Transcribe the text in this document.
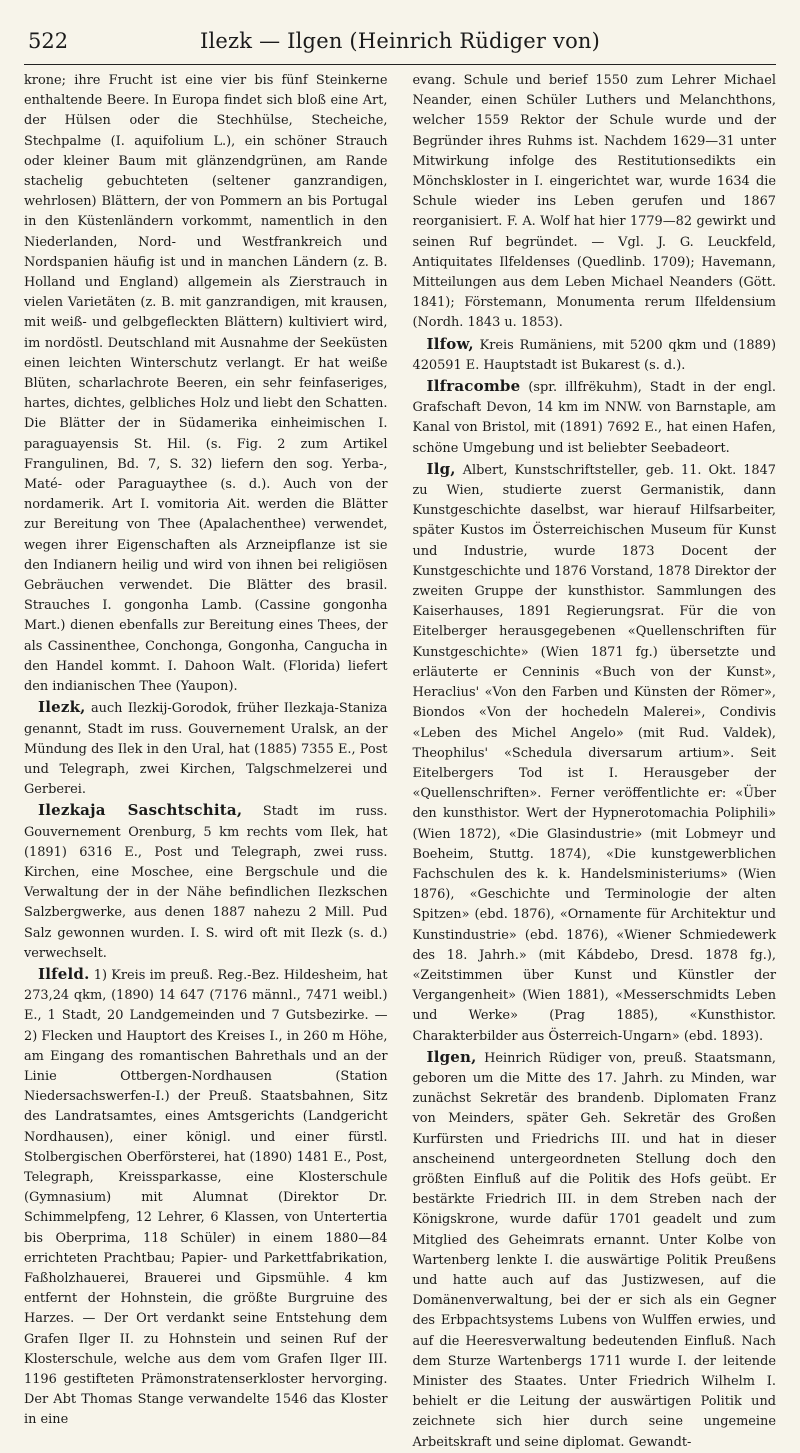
522	Ilezk — Ilgen (Heinrich Rüdiger von)

krone; ihre Frucht ist eine vier bis fünf Steinkerne enthaltende Beere. In Europa findet sich bloß eine Art, der Hülsen oder die Stechhülse, Stecheiche, Stechpalme (I. aquifolium L.), ein schöner Strauch oder kleiner Baum mit glänzendgrünen, am Rande stachelig gebuchteten (seltener ganzrandigen, wehrlosen) Blättern, der von Pommern an bis Portugal in den Küstenländern vorkommt, namentlich in den Niederlanden, Nord- und Westfrankreich und Nordspanien häufig ist und in manchen Ländern (z. B. Holland und England) allgemein als Zierstrauch in vielen Varietäten (z. B. mit ganzrandigen, mit krausen, mit weiß- und gelbgefleckten Blättern) kultiviert wird, im nordöstl. Deutschland mit Ausnahme der Seeküsten einen leichten Winterschutz verlangt. Er hat weiße Blüten, scharlachrote Beeren, ein sehr feinfaseriges, hartes, dichtes, gelbliches Holz und liebt den Schatten. Die Blätter der in Südamerika einheimischen I. paraguayensis St. Hil. (s. Fig. 2 zum Artikel Frangulinen, Bd. 7, S. 32) liefern den sog. Yerba-, Maté- oder Paraguaythee (s. d.). Auch von der nordamerik. Art I. vomitoria Ait. werden die Blätter zur Bereitung von Thee (Apalachenthee) verwendet, wegen ihrer Eigenschaften als Arzneipflanze ist sie den Indianern heilig und wird von ihnen bei religiösen Gebräuchen verwendet. Die Blätter des brasil. Strauches I. gongonha Lamb. (Cassine gongonha Mart.) dienen ebenfalls zur Bereitung eines Thees, der als Cassinenthee, Conchonga, Gongonha, Canguchа in den Handel kommt. I. Dahoon Walt. (Florida) liefert den indianischen Thee (Yaupon).

Ilezk, auch Ilezkij-Gorodok, früher Ilezkaja-Staniza genannt, Stadt im russ. Gouvernement Uralsk, an der Mündung des Ilek in den Ural, hat (1885) 7355 E., Post und Telegraph, zwei Kirchen, Talgschmelzerei und Gerberei.

Ilezkaja Saschtschita, Stadt im russ. Gouvernement Orenburg, 5 km rechts vom Ilek, hat (1891) 6316 E., Post und Telegraph, zwei russ. Kirchen, eine Moschee, eine Bergschule und die Verwaltung der in der Nähe befindlichen Ilezkschen Salzbergwerke, aus denen 1887 nahezu 2 Mill. Pud Salz gewonnen wurden. I. S. wird oft mit Ilezk (s. d.) verwechselt.

Ilfeld. 1) Kreis im preuß. Reg.-Bez. Hildesheim, hat 273,24 qkm, (1890) 14 647 (7176 männl., 7471 weibl.) E., 1 Stadt, 20 Landgemeinden und 7 Gutsbezirke. — 2) Flecken und Hauptort des Kreises I., in 260 m Höhe, am Eingang des romantischen Bahrethals und an der Linie Ottbergen-Nordhausen (Station Niedersachswerfen-I.) der Preuß. Staatsbahnen, Sitz des Landratsamtes, eines Amtsgerichts (Landgericht Nordhausen), einer königl. und einer fürstl. Stolbergischen Oberförsterei, hat (1890) 1481 E., Post, Telegraph, Kreissparkasse, eine Klosterschule (Gymnasium) mit Alumnat (Direktor Dr. Schimmelpfeng, 12 Lehrer, 6 Klassen, von Untertertia bis Oberprima, 118 Schüler) in einem 1880—84 errichteten Prachtbau; Papier- und Parkettfabrikation, Faßholzhauerei, Brauerei und Gipsmühle. 4 km entfernt der Hohnstein, die größte Burgruine des Harzes. — Der Ort verdankt seine Entstehung dem Grafen Ilger II. zu Hohnstein und seinen Ruf der Klosterschule, welche aus dem vom Grafen Ilger III. 1196 gestifteten Prämonstratenserkloster hervorging. Der Abt Thomas Stange verwandelte 1546 das Kloster in eine

evang. Schule und berief 1550 zum Lehrer Michael Neander, einen Schüler Luthers und Melanchthons, welcher 1559 Rektor der Schule wurde und der Begründer ihres Ruhms ist. Nachdem 1629—31 unter Mitwirkung infolge des Restitutionsedikts ein Mönchskloster in I. eingerichtet war, wurde 1634 die Schule wieder ins Leben gerufen und 1867 reorganisiert. F. A. Wolf hat hier 1779—82 gewirkt und seinen Ruf begründet. — Vgl. J. G. Leuckfeld, Antiquitates Ilfeldenses (Quedlinb. 1709); Havemann, Mitteilungen aus dem Leben Michael Neanders (Gött. 1841); Förstemann, Monumenta rerum Ilfeldensium (Nordh. 1843 u. 1853).

Ilfow, Kreis Rumäniens, mit 5200 qkm und (1889) 420591 E. Hauptstadt ist Bukarest (s. d.).

Ilfracombe (spr. illfrëkuhm), Stadt in der engl. Grafschaft Devon, 14 km im NNW. von Barnstaple, am Kanal von Bristol, mit (1891) 7692 E., hat einen Hafen, schöne Umgebung und ist beliebter Seebadeort.

Ilg, Albert, Kunstschriftsteller, geb. 11. Okt. 1847 zu Wien, studierte zuerst Germanistik, dann Kunstgeschichte daselbst, war hierauf Hilfsarbeiter, später Kustos im Österreichischen Museum für Kunst und Industrie, wurde 1873 Docent der Kunstgeschichte und 1876 Vorstand, 1878 Direktor der zweiten Gruppe der kunsthistor. Sammlungen des Kaiserhauses, 1891 Regierungsrat. Für die von Eitelberger herausgegebenen «Quellenschriften für Kunstgeschichte» (Wien 1871 fg.) übersetzte und erläuterte er Cenninis «Buch von der Kunst», Heraclius' «Von den Farben und Künsten der Römer», Biondos «Von der hochedeln Malerei», Condivis «Leben des Michel Angelo» (mit Rud. Valdek), Theophilus' «Schedula diversarum artium». Seit Eitelbergers Tod ist I. Herausgeber der «Quellenschriften». Ferner veröffentlichte er: «Über den kunsthistor. Wert der Hypnerotomachia Poliphili» (Wien 1872), «Die Glasindustrie» (mit Lobmeyr und Boeheim, Stuttg. 1874), «Die kunstgewerblichen Fachschulen des k. k. Handelsministeriums» (Wien 1876), «Geschichte und Terminologie der alten Spitzen» (ebd. 1876), «Ornamente für Architektur und Kunstindustrie» (ebd. 1876), «Wiener Schmiedewerk des 18. Jahrh.» (mit Kábdebo, Dresd. 1878 fg.), «Zeitstimmen über Kunst und Künstler der Vergangenheit» (Wien 1881), «Messerschmidts Leben und Werke» (Prag 1885), «Kunsthistor. Charakterbilder aus Österreich-Ungarn» (ebd. 1893).

Ilgen, Heinrich Rüdiger von, preuß. Staatsmann, geboren um die Mitte des 17. Jahrh. zu Minden, war zunächst Sekretär des brandenb. Diplomaten Franz von Meinders, später Geh. Sekretär des Großen Kurfürsten und Friedrichs III. und hat in dieser anscheinend untergeordneten Stellung doch den größten Einfluß auf die Politik des Hofs geübt. Er bestärkte Friedrich III. in dem Streben nach der Königskrone, wurde dafür 1701 geadelt und zum Mitglied des Geheimrats ernannt. Unter Kolbe von Wartenberg lenkte I. die auswärtige Politik Preußens und hatte auch auf das Justizwesen, auf die Domänenverwaltung, bei der er sich als ein Gegner des Erbpachtsystems Lubens von Wulffen erwies, und auf die Heeresverwaltung bedeutenden Einfluß. Nach dem Sturze Wartenbergs 1711 wurde I. der leitende Minister des Staates. Unter Friedrich Wilhelm I. behielt er die Leitung der auswärtigen Politik und zeichnete sich hier durch seine ungemeine Arbeitskraft und seine diplomat. Gewandt-
